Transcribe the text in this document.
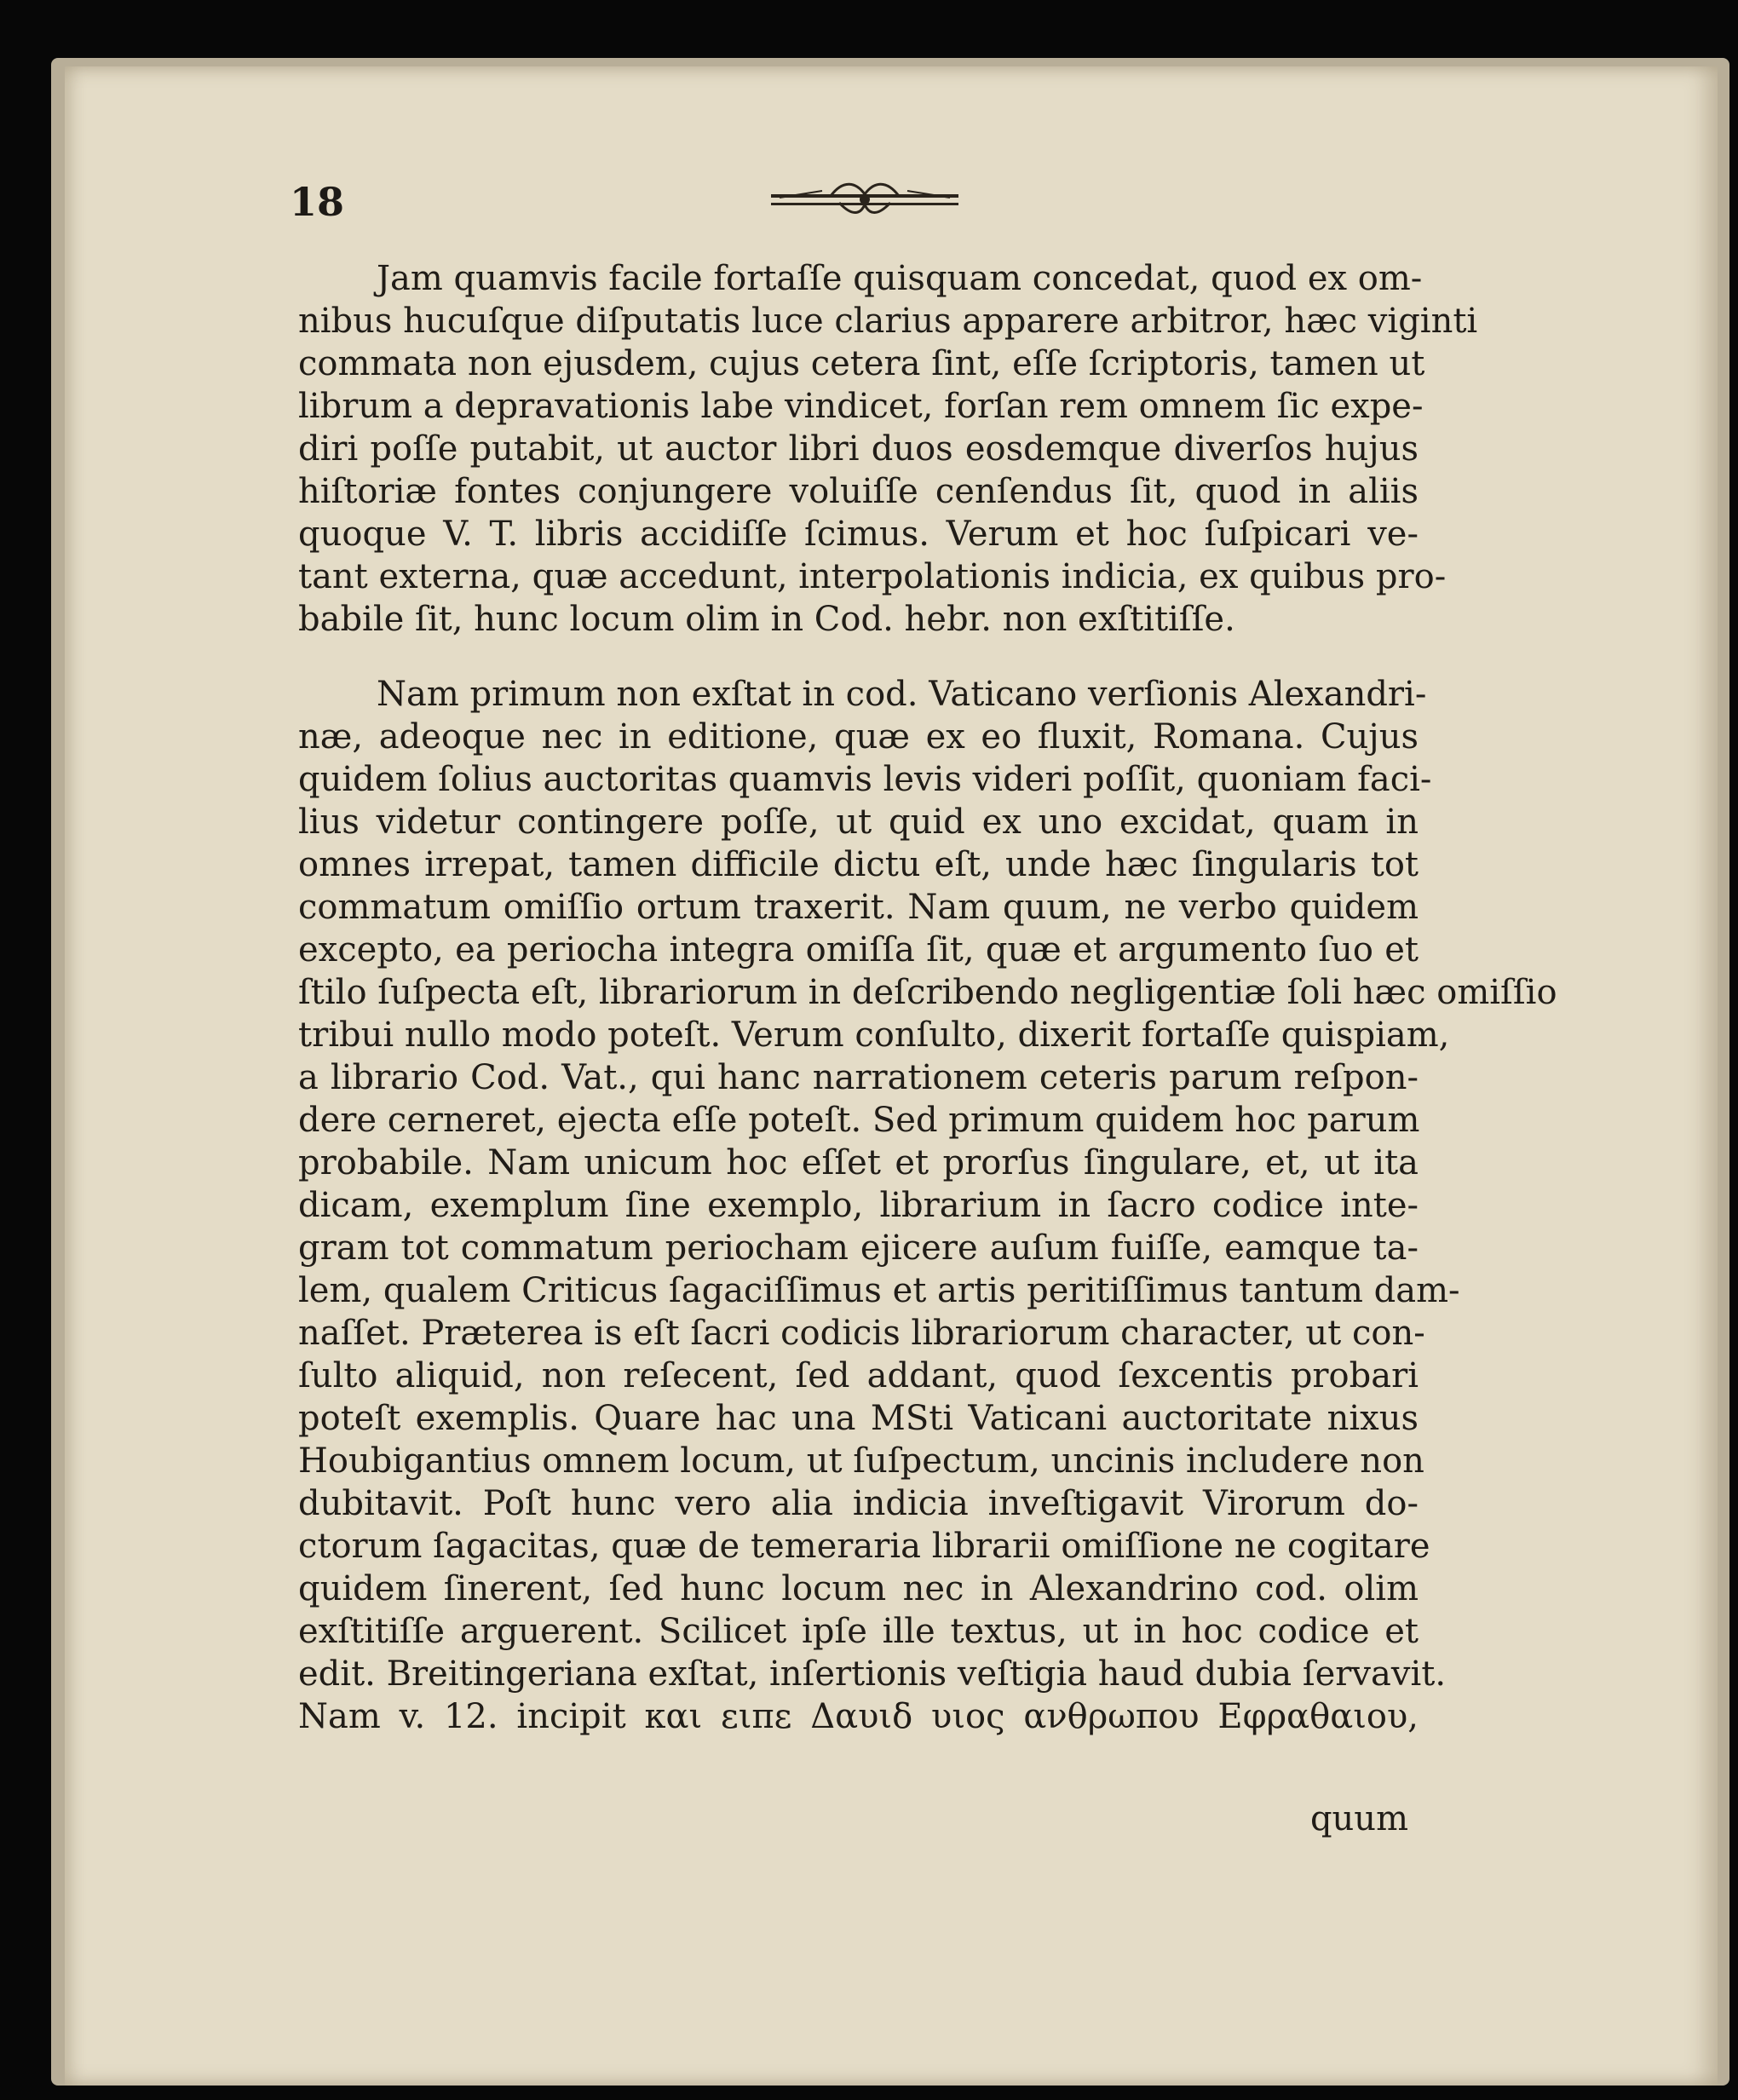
18

Jam quamvis facile fortaſſe quisquam concedat, quod ex om-
nibus hucuſque diſputatis luce clarius apparere arbitror, hæc viginti
commata non ejusdem, cujus cetera ſint, eſſe ſcriptoris, tamen ut
librum a depravationis labe vindicet, forſan rem omnem ſic expe-
diri poſſe putabit, ut auctor libri duos eosdemque diverſos hujus
hiſtoriæ fontes conjungere voluiſſe cenſendus ſit, quod in aliis
quoque V. T. libris accidiſſe ſcimus. Verum et hoc ſuſpicari ve-
tant externa, quæ accedunt, interpolationis indicia, ex quibus pro-
babile ſit, hunc locum olim in Cod. hebr. non exſtitiſſe.

Nam primum non exſtat in cod. Vaticano verſionis Alexandri-
næ, adeoque nec in editione, quæ ex eo fluxit, Romana. Cujus
quidem ſolius auctoritas quamvis levis videri poſſit, quoniam faci-
lius videtur contingere poſſe, ut quid ex uno excidat, quam in
omnes irrepat, tamen difficile dictu eſt, unde hæc ſingularis tot
commatum omiſſio ortum traxerit. Nam quum, ne verbo quidem
excepto, ea periocha integra omiſſa ſit, quæ et argumento ſuo et
ſtilo ſuſpecta eſt, librariorum in deſcribendo negligentiæ ſoli hæc omiſſio
tribui nullo modo poteſt. Verum conſulto, dixerit fortaſſe quispiam,
a librario Cod. Vat., qui hanc narrationem ceteris parum reſpon-
dere cerneret, ejecta eſſe poteſt. Sed primum quidem hoc parum
probabile. Nam unicum hoc eſſet et prorſus ſingulare, et, ut ita
dicam, exemplum ſine exemplo, librarium in ſacro codice inte-
gram tot commatum periocham ejicere auſum fuiſſe, eamque ta-
lem, qualem Criticus ſagaciſſimus et artis peritiſſimus tantum dam-
naſſet. Præterea is eſt ſacri codicis librariorum character, ut con-
ſulto aliquid, non reſecent, ſed addant, quod ſexcentis probari
poteſt exemplis. Quare hac una MSti Vaticani auctoritate nixus
Houbigantius omnem locum, ut ſuſpectum, uncinis includere non
dubitavit. Poſt hunc vero alia indicia inveſtigavit Virorum do-
ctorum ſagacitas, quæ de temeraria librarii omiſſione ne cogitare
quidem ſinerent, ſed hunc locum nec in Alexandrino cod. olim
exſtitiſſe arguerent. Scilicet ipſe ille textus, ut in hoc codice et
edit. Breitingeriana exſtat, inſertionis veſtigia haud dubia ſervavit.
Nam v. 12. incipit και ειπε Δαυιδ υιος ανθρωπου Εφραθαιου,

quum
